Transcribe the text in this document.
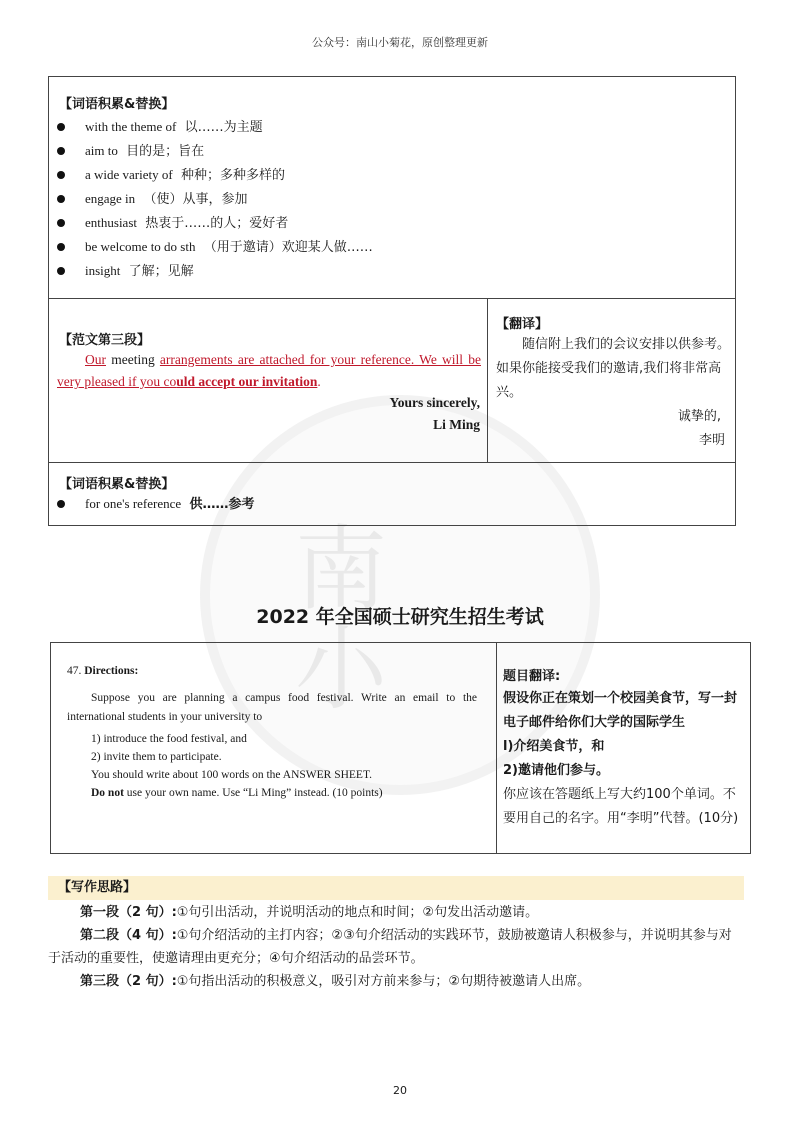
公众号：南山小菊花，原创整理更新
南
小
【词语积累&替换】
with the theme of 以……为主题
aim to 目的是；旨在
a wide variety of 种种；多种多样的
engage in （使）从事，参加
enthusiast 热衷于……的人；爱好者
be welcome to do sth （用于邀请）欢迎某人做……
insight 了解；见解
【范文第三段】
Our meeting arrangements are attached for your reference. We will be very pleased if you could accept our invitation.
Yours sincerely,
Li Ming
【翻译】
随信附上我们的会议安排以供参考。如果你能接受我们的邀请,我们将非常高兴。
诚挚的,
李明
【词语积累&替换】
for one's reference 供……参考
2022 年全国硕士研究生招生考试
47. Directions:
Suppose you are planning a campus food festival. Write an email to the international students in your university to
1) introduce the food festival, and
2) invite them to participate.
You should write about 100 words on the ANSWER SHEET.
Do not use your own name. Use “Li Ming” instead. (10 points)
题目翻译:
假设你正在策划一个校园美食节，写一封电子邮件给你们大学的国际学生
l)介绍美食节，和
2)邀请他们参与。
你应该在答题纸上写大约100个单词。不要用自己的名字。用“李明”代替。(10分)
【写作思路】
第一段（2 句）:①句引出活动，并说明活动的地点和时间；②句发出活动邀请。
第二段（4 句）:①句介绍活动的主打内容；②③句介绍活动的实践环节，鼓励被邀请人积极参与，并说明其参与对于活动的重要性，使邀请理由更充分；④句介绍活动的品尝环节。
第三段（2 句）:①句指出活动的积极意义，吸引对方前来参与；②句期待被邀请人出席。
20
